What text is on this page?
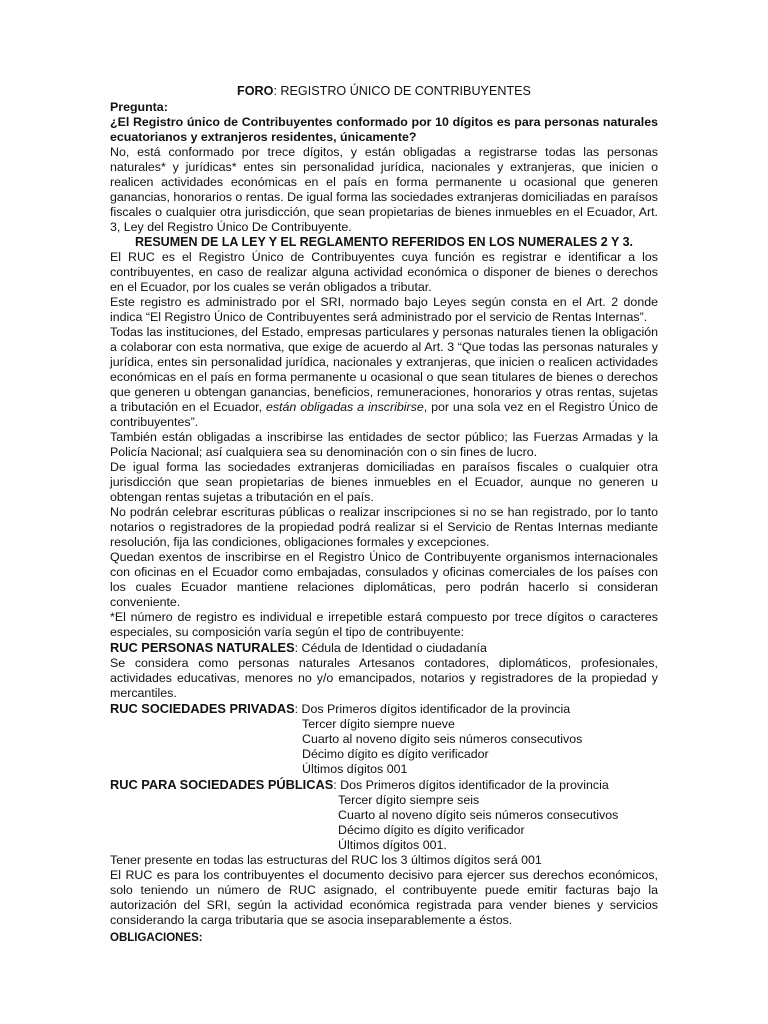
FORO: REGISTRO ÚNICO DE CONTRIBUYENTES
Pregunta:
¿El Registro único de Contribuyentes conformado por 10 dígitos es para personas naturales ecuatorianos y extranjeros residentes, únicamente?

No, está conformado por trece dígitos, y están obligadas a registrarse todas las personas naturales* y jurídicas* entes sin personalidad jurídica, nacionales y extranjeras, que inicien o realicen actividades económicas en el país en forma permanente u ocasional que generen ganancias, honorarios o rentas. De igual forma las sociedades extranjeras domiciliadas en paraísos fiscales o cualquier otra jurisdicción, que sean propietarias de bienes inmuebles en el Ecuador, Art. 3, Ley del Registro Único De Contribuyente.

RESUMEN DE LA LEY Y EL REGLAMENTO REFERIDOS EN LOS NUMERALES 2 Y 3.

El RUC es el Registro Único de Contribuyentes cuya función es registrar e identificar a los contribuyentes, en caso de realizar alguna actividad económica o disponer de bienes o derechos en el Ecuador, por los cuales se verán obligados a tributar.

Este registro es administrado por el SRI, normado bajo Leyes según consta en el Art. 2 donde indica “El Registro Único de Contribuyentes será administrado por el servicio de Rentas Internas”.

Todas las instituciones, del Estado, empresas particulares y personas naturales tienen la obligación a colaborar con esta normativa, que exige de acuerdo al Art. 3 “Que todas las personas naturales y jurídica, entes sin personalidad jurídica, nacionales y extranjeras, que inicien o realicen actividades económicas en el país en forma permanente u ocasional o que sean titulares de bienes o derechos que generen u obtengan ganancias, beneficios, remuneraciones, honorarios y otras rentas, sujetas a tributación en el Ecuador, están obligadas a inscribirse, por una sola vez en el Registro Único de contribuyentes”.

También están obligadas a inscribirse las entidades de sector público; las Fuerzas Armadas y la Policía Nacional; así cualquiera sea su denominación con o sin fines de lucro.

De igual forma las sociedades extranjeras domiciliadas en paraísos fiscales o cualquier otra jurisdicción que sean propietarias de bienes inmuebles en el Ecuador, aunque no generen u obtengan rentas sujetas a tributación en el país.

No podrán celebrar escrituras públicas o realizar inscripciones si no se han registrado, por lo tanto notarios o registradores de la propiedad podrá realizar si el Servicio de Rentas Internas mediante resolución, fija las condiciones, obligaciones formales y excepciones.

Quedan exentos de inscribirse en el Registro Único de Contribuyente organismos internacionales con oficinas en el Ecuador como embajadas, consulados y oficinas comerciales de los países con los cuales Ecuador mantiene relaciones diplomáticas, pero podrán hacerlo si consideran conveniente.

*El número de registro es individual e irrepetible estará compuesto por trece dígitos o caracteres especiales, su composición varía según el tipo de contribuyente:

RUC PERSONAS NATURALES: Cédula de Identidad o ciudadanía

Se considera como personas naturales Artesanos contadores, diplomáticos, profesionales, actividades educativas, menores no y/o emancipados, notarios y registradores de la propiedad y mercantiles.

RUC SOCIEDADES PRIVADAS: Dos Primeros dígitos identificador de la provincia
Tercer dígito siempre nueve
Cuarto al noveno dígito seis números consecutivos
Décimo dígito es dígito verificador
Últimos dígitos 001
RUC PARA SOCIEDADES PÚBLICAS: Dos Primeros dígitos identificador de la provincia
Tercer dígito siempre seis
Cuarto al noveno dígito seis números consecutivos
Décimo dígito es dígito verificador
Últimos dígitos 001.

Tener presente en todas las estructuras del RUC los 3 últimos dígitos será 001

El RUC es para los contribuyentes el documento decisivo para ejercer sus derechos económicos, solo teniendo un número de RUC asignado, el contribuyente puede emitir facturas bajo la autorización del SRI, según la actividad económica registrada para vender bienes y servicios considerando la carga tributaria que se asocia inseparablemente a éstos.

OBLIGACIONES:
